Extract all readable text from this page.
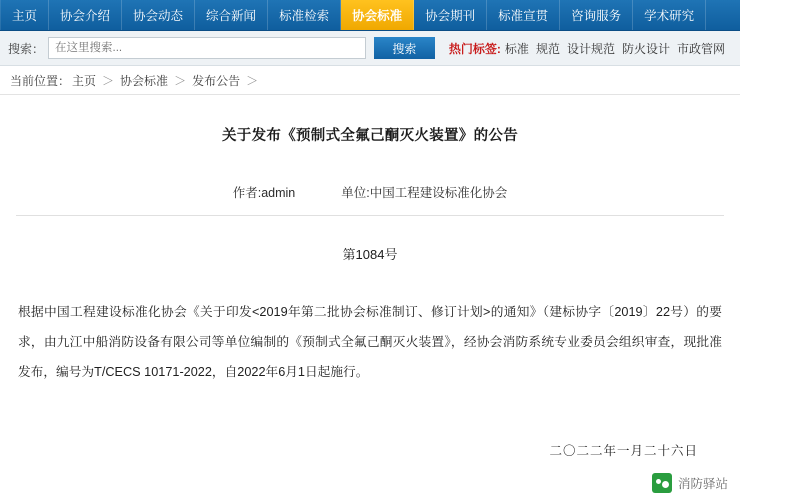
主页	协会介绍	协会动态	综合新闻	标准检索	协会标准	协会期刊	标准宣贯	咨询服务	学术研究	网上书店
搜索：
在这里搜索...	搜索	热门标签: 标准 规范 设计规范 防火设计 市政管网
当前位置： 主页 ＞ 协会标准 ＞ 发布公告 ＞
关于发布《预制式全氟己酮灭火装置》的公告
作者:admin	单位:中国工程建设标准化协会
第1084号
根据中国工程建设标准化协会《关于印发<2019年第二批协会标准制订、修订计划>的通知》（建标协字〔2019〕22号）的要求，由九江中船消防设备有限公司等单位编制的《预制式全氟己酮灭火装置》，经协会消防系统专业委员会组织审查，现批准发布，编号为T/CECS 10171-2022，自2022年6月1日起施行。
二〇二二年一月二十六日
消防驿站
